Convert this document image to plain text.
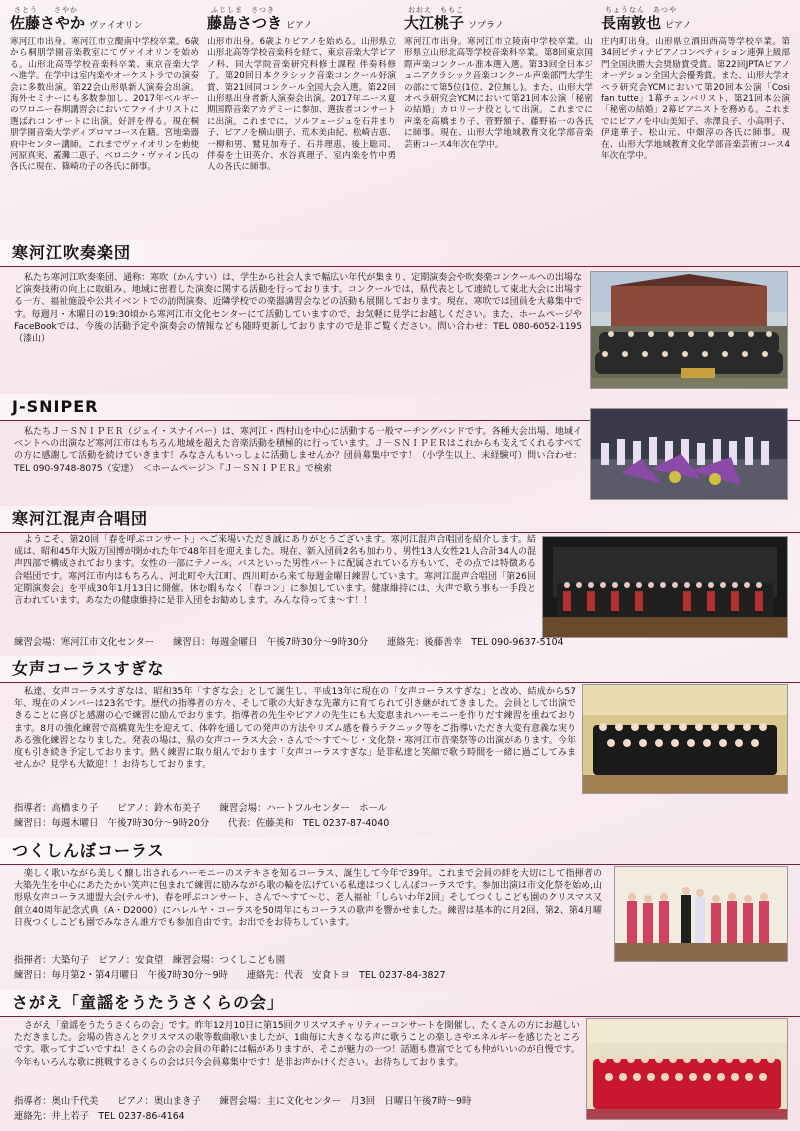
さとう　　さやか
佐藤さやか ヴァイオリン
寒河江市出身。寒河江市立醍南中学校卒業。6歳から桐朋学園音楽教室にてヴァイオリンを始める。山形北高等学校音楽科卒業、東京音楽大学へ進学。在学中は室内楽やオーケストラでの演奏会に多数出演。第22会山形県新人演奏会出演。海外セミナーにも多数参加し、2017年ベルギーのワロニー春期講習会においてファイナリストに選ばれコンサートに出演。好評を得る。現在桐朋学園音楽大学ディプロマコース在籍。宮地楽器府中センター講師。これまでヴァイオリンを勅使河原真実、蓋灘二恵子、ベロニク・ヴァイン氏の各氏に現在、篠崎功子の各氏に師事。
ふじしま　さつき
藤島さつき ピアノ
山形市出身。6歳よりピアノを始める。山形県立山形北高等学校音楽科を経て、東京音楽大学ピアノ科、同大学院音楽研究科修士課程 伴奏科修了。第20回日本クラシック音楽コンクール好演賞、第21回同コンクール全国大会入選。第22回山形県出身者新人演奏会出演。2017年ニース夏期国際音楽アカデミーに参加、選抜者コンサートに出演。これまでに、ソルフェージュを石井まり子、ピアノを横山朋子、荒木美由紀、松崎吉恵、一柳和男、鷲見加寿子、石井理恵、後上聡司、伴奏を土田英介、水谷真理子、室内楽を竹中勇人の各氏に師事。
おおえ　ももこ
大江桃子 ソプラノ
寒河江市出身。寒河江市立陵南中学校卒業。山形県立山形北高等学校音楽科卒業。第8回東京国際声楽コンクール准本選入選。第33回全日本ジュニアクラシック音楽コンクール声楽部門大学生の部にて第5位(1位、2位無し)。また、山形大学オペラ研究会YCMにおいて第21回本公演「秘密の結婚」カロリーナ役として出演。これまでに声楽を高橋まり子、菅野額子、藤野祐一の各氏に師事。現在、山形大学地域教育文化学部音楽芸術コース4年次在学中。
ちょうなん　あつや
長南敦也 ピアノ
庄内町出身。山形県立酒田西高等学校卒業。第34回ピティナピアノコンペティション連弾上級部門全国決勝大会奨励賞受賞。第22回JPTAピアノオーデション全国大会優秀賞。また、山形大学オペラ研究会YCMにおいて第20回本公演「Cosi fan tutte」1幕チェンバリスト、第21回本公演「秘密の結婚」2幕ピアニストを務める。これまでにピアノを中山美知子、赤澤良子、小高明子、伊達華子、松山元、中畑淳の各氏に師事。現在、山形大学地域教育文化学部音楽芸術コース4年次在学中。
寒河江吹奏楽団
私たち寒河江吹奏楽団、通称：寒吹（かんすい）は、学生から社会人まで幅広い年代が集まり、定期演奏会や吹奏楽コンクールへの出場など演奏技術の向上に取組み、地域に密着した演奏に関する活動を行っております。コンクールでは、県代表として連続して東北大会に出場する一方、福祉施設や公共イベントでの訪問演奏、近隣学校での楽器講習会などの活動も展開しております。現在、寒吹では団員を大募集中です。毎週月・木曜日の19:30頃から寒河江市文化センターにて活動していますので、お気軽に見学にお越しください。また、ホームページやFaceBookでは、今後の活動予定や演奏会の情報なども随時更新しておりますので是非ご覧ください。問い合わせ：TEL 080-6052-1195（漆山）
J-SNIPER
私たちＪ－ＳＮＩＰＥＲ（ジェイ・スナイパー）は、寒河江・西村山を中心に活動する一般マーチングバンドです。各種大会出場、地域イベントへの出演など寒河江市はもちろん地域を超えた音楽活動を積極的に行っています。Ｊ－ＳＮＩＰＥＲはこれからも支えてくれるすべての方に感謝して活動を続けていきます！みなさんもいっしょに活動しませんか？団員募集中です！（小学生以上、未経験可）問い合わせ：TEL 090-9748-8075（安達）　＜ホームページ＞『Ｊ－ＳＮＩＰＥＲ』で検索
寒河江混声合唱団
ようこそ、第20回「春を呼ぶコンサート」へご来場いただき誠にありがとうございます。寒河江混声合唱団を紹介します。結成は、昭和45年大阪万国博が開かれた年で48年目を迎えました。現在、新入団員2名も加わり、男性13人女性21人合計34人の混声四部で構成されております。女性の一部にテノール、バスといった男性パートに配属されている方もいて、その点では特徴ある合唱団です。寒河江市内はもちろん、河北町や大江町、西川町から来て毎週金曜日練習しています。寒河江混声合唱団「第26回定期演奏会」を平成30年1月13日に開催。休む暇もなく「春コン」に参加しています。健康維持には、大声で歌う事も一手段と言われています。あなたの健康維持に是非入団をお勧めします。みんな待ってま～す！！
練習会場：寒河江市文化センター　　練習日：毎週金曜日　午後7時30分～9時30分　　連絡先：後藤善幸　TEL 090-9637-5104
女声コーラスすぎな
私達、女声コーラスすぎなは、昭和35年「すぎな会」として誕生し、平成13年に現在の「女声コーラスすぎな」と改め、結成から57年、現在のメンバーは23名です。歴代の指導者の方々、そして歌の大好きな先輩方に育てられて引き継がれてきました。会員として出演できることに喜びと感謝の心で練習に励んでおります。指導者の先生やピアノの先生にも大変恵まれハーモニーを作りだす練習を重ねております。8月の強化練習で高橋寛先生を迎えて、体幹を通しての発声の方法やリズム感を養うテクニック等をご指導いただき大変有意義な実りある強化練習となりました。発表の場は、県の女声コーラス大会・さんで～すて～じ・文化祭・寒河江市音楽祭等の出演があります。今年度も引き続き予定しております。熱く練習に取り組んでおります「女声コーラスすぎな」是非私達と笑顔で歌う時間を一緒に過ごしてみませんか？見学も大歓迎！！お待ちしております。
指導者：高橋まり子　　ピアノ：鈴木布美子　　練習会場：ハートフルセンター　ホール
練習日：毎週木曜日　午後7時30分～9時20分　　代表：佐藤美和　TEL 0237-87-4040
つくしんぼコーラス
楽しく歌いながら美しく醸し出されるハーモニーのステキさを知るコーラス、誕生して今年で39年。これまで会員の絆を大切にして指揮者の大築先生を中心にあたたかい笑声に包まれて練習に励みながら歌の輪を広げている私達はつくしんぼコーラスです。参加出演は市文化祭を始め,山形県女声コーラス連盟大会(テルサ)、春を呼ぶコンサート、さんで～すて～じ、老人福祉「しらいわ年2回」そしてつくしこども園のクリスマス又創立40周年記念式典（A・D2000）にハレルヤ・コーラスを50周年にもコーラスの歌声を響かせました。練習は基本的に月2回、第2、第4月曜日夜つくしこども園でみなさん誰方でも参加自由です。お出でをお待ちしています。
指揮者：大築句子　ピアノ：安食望　練習会場：つくしこども園
練習日：毎月第2・第4月曜日　午後7時30分～9時　　連絡先：代表　安食トヨ　TEL 0237-84-3827
さがえ「童謡をうたうさくらの会」
さがえ「童謡をうたうさくらの会」です。昨年12月10日に第15回クリスマスチャリティーコンサートを開催し、たくさんの方にお越しいただきました。会場の皆さんとクリスマスの歌等数曲歌いましたが、1曲毎に大きくなる声に歌うことの楽しさやエネルギーを感じたところです。歌ってすごいですね！さくらの会の会員の年齢には幅がありますが、そこが魅力の一つ！話題も豊富でとても仲がいいのが自慢です。今年もいろんな歌に挑戦するさくらの会は只今会員募集中です！是非お声かけください。お待ちしております。
指導者：奥山千代美　　ピアノ：奥山まき子　　練習会場：主に文化センター　月3回　日曜日午後7時～9時
連絡先：井上若子　TEL 0237-86-4164
